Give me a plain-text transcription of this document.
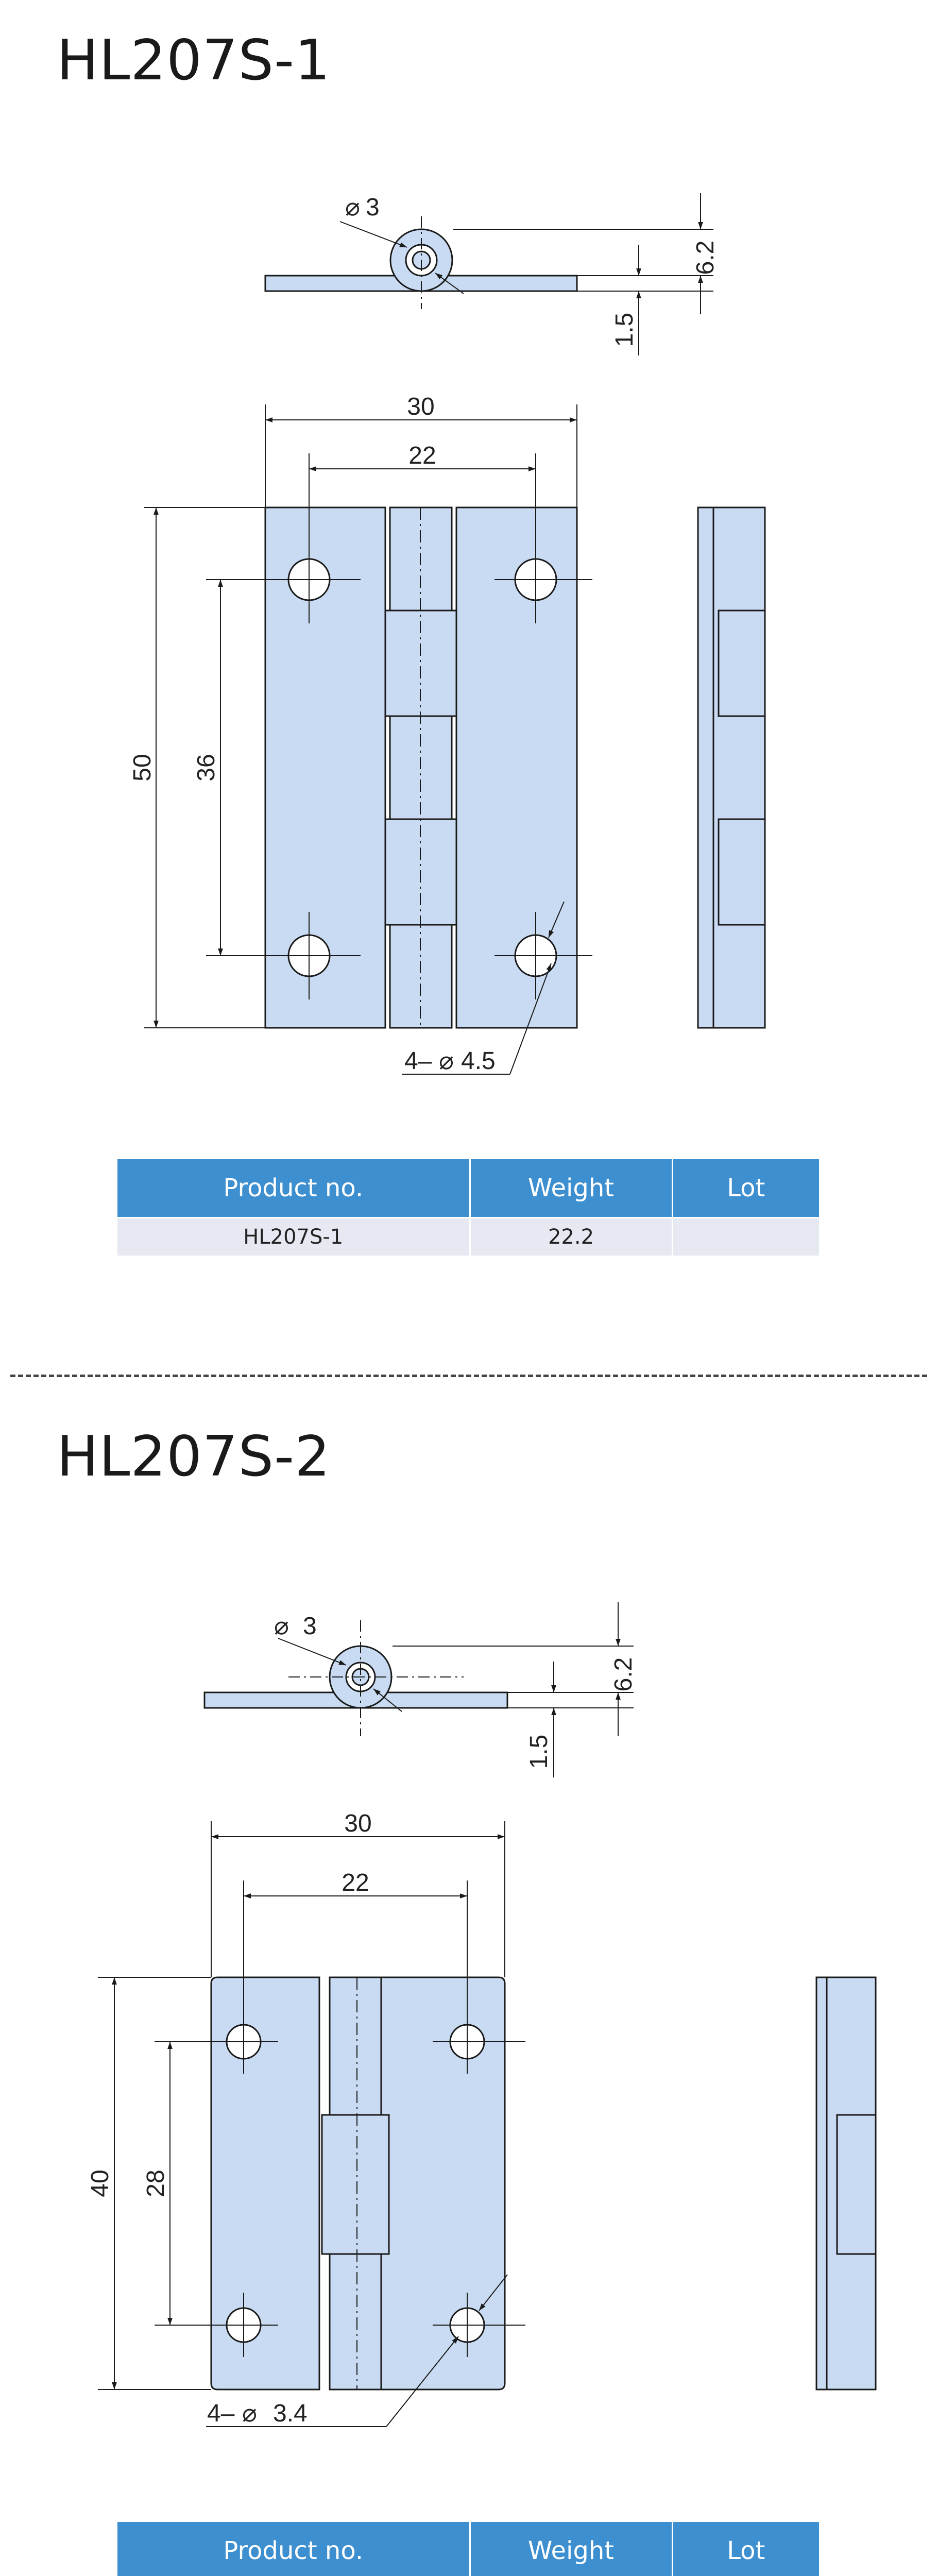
HL207S-1
⌀ 3
6.2
1.5
30
22
50 36
4– ⌀ 4.5
Product no.	Weight	Lot
HL207S-1	22.2	
HL207S-2
⌀ 3
6.2
1.5
30
22
40 28
4– ⌀ 3.4
Product no.	Weight	Lot
